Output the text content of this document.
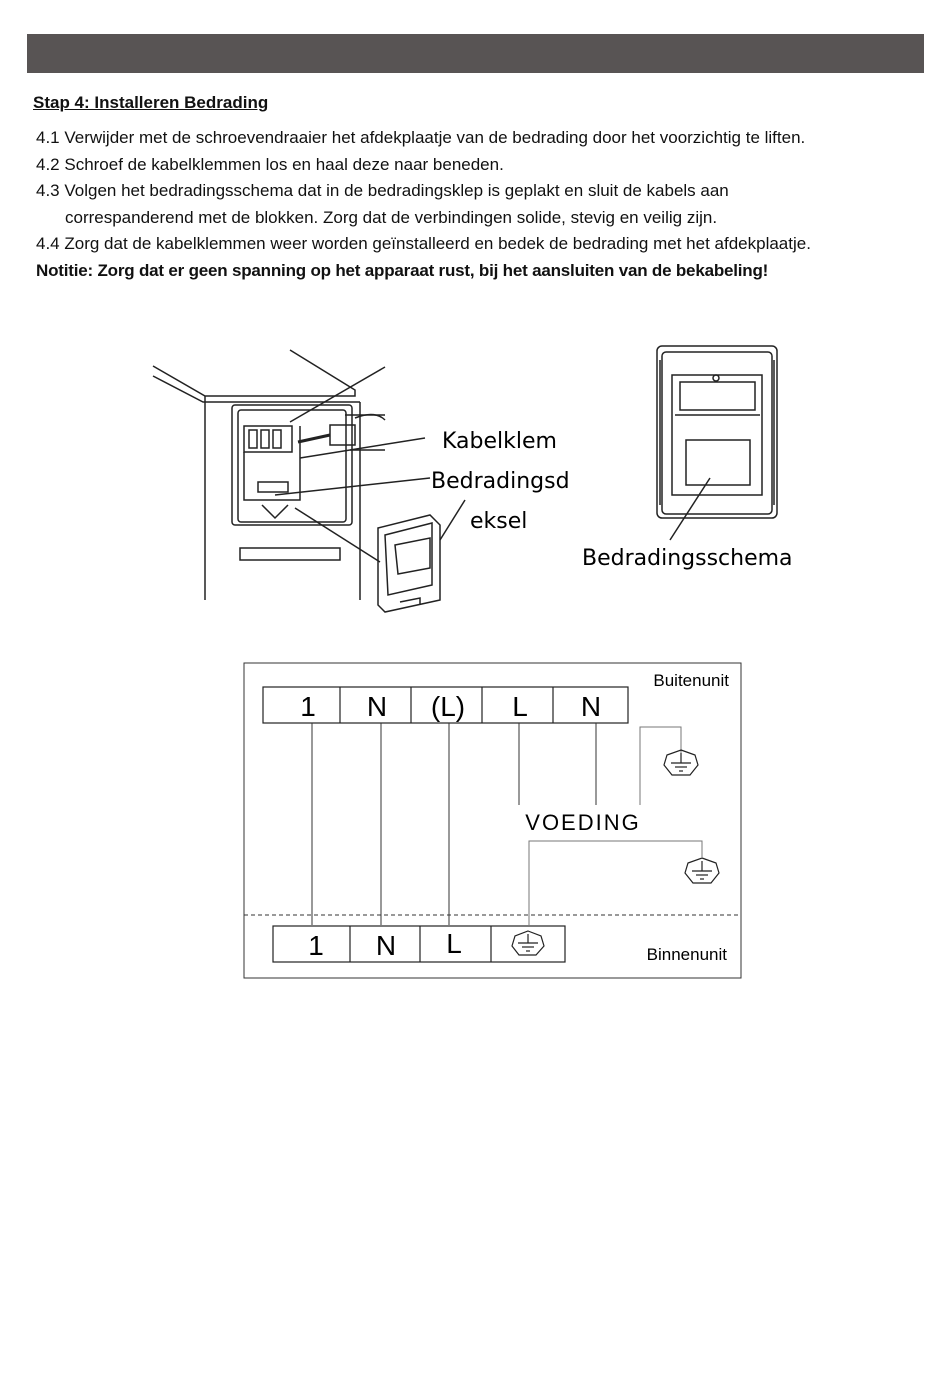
Stap 4: Installeren Bedrading

4.1 Verwijder met de schroevendraaier het afdekplaatje van de bedrading door het voorzichtig te liften.

4.2 Schroef de kabelklemmen los en haal deze naar beneden.

4.3 Volgen het bedradingsschema dat in de bedradingsklep is geplakt en sluit de kabels aan

correspanderend met de blokken. Zorg dat de verbindingen solide, stevig en veilig zijn.

4.4 Zorg dat de kabelklemmen weer worden geïnstalleerd en bedek de bedrading met het afdekplaatje.

Notitie: Zorg dat er geen spanning op het apparaat rust, bij het aansluiten van de bekabeling!

Kabelklem
Bedradingsd
eksel
Bedradingsschema
1 N (L) L N
Buitenunit
VOEDING
1 N L	Binnenunit
